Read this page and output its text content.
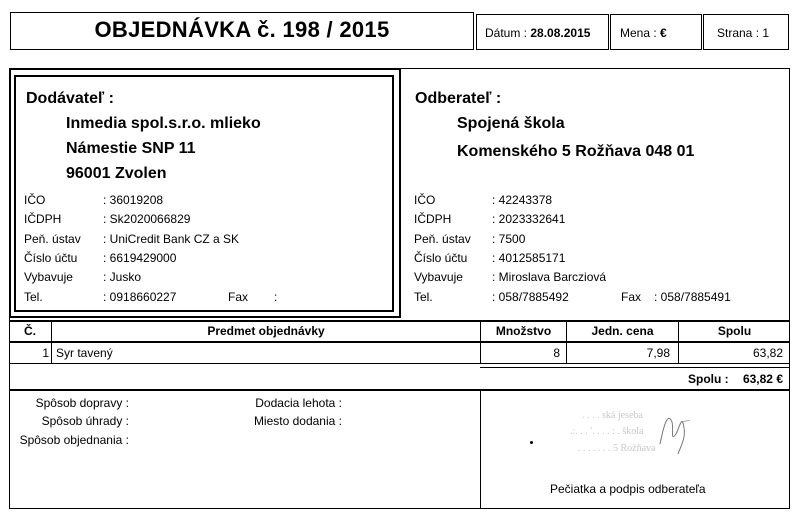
OBJEDNÁVKA č. 198 / 2015	Dátum : 28.08.2015 Mena : €	Strana : 1
Dodávateľ :
Inmedia spol.s.r.o. mlieko
Námestie SNP 11
96001 Zvolen
IČO	: 36019208
IČDPH	: Sk2020066829
Peň. ústav : UniCredit Bank CZ a SK
Číslo účtu : 6619429000
Vybavuje	: Jusko
Tel.	: 0918660227	Fax :
Odberateľ :
Spojená škola
Komenského 5 Rožňava 048 01
IČO	: 42243378
IČDPH	: 2023332641
Peň. ústav : 7500
Číslo účtu : 4012585171
Vybavuje : Miroslava Barcziová
Tel.	: 058/7885492	Fax : 058/7885491
Č.	Predmet objednávky	Množstvo	Jedn. cena	Spolu
1 Syr tavený	8	7,98	63,82
Spolu :	63,82 €
Spôsob dopravy :
Spôsob úhrady :
Spôsob objednania :
Dodacia lehota :
Miesto dodania :	. . . . ská jeseba
.:. . . '. . . . : . škola
. . . . . . . 5 Rožňava
Pečiatka a podpis odberateľa
